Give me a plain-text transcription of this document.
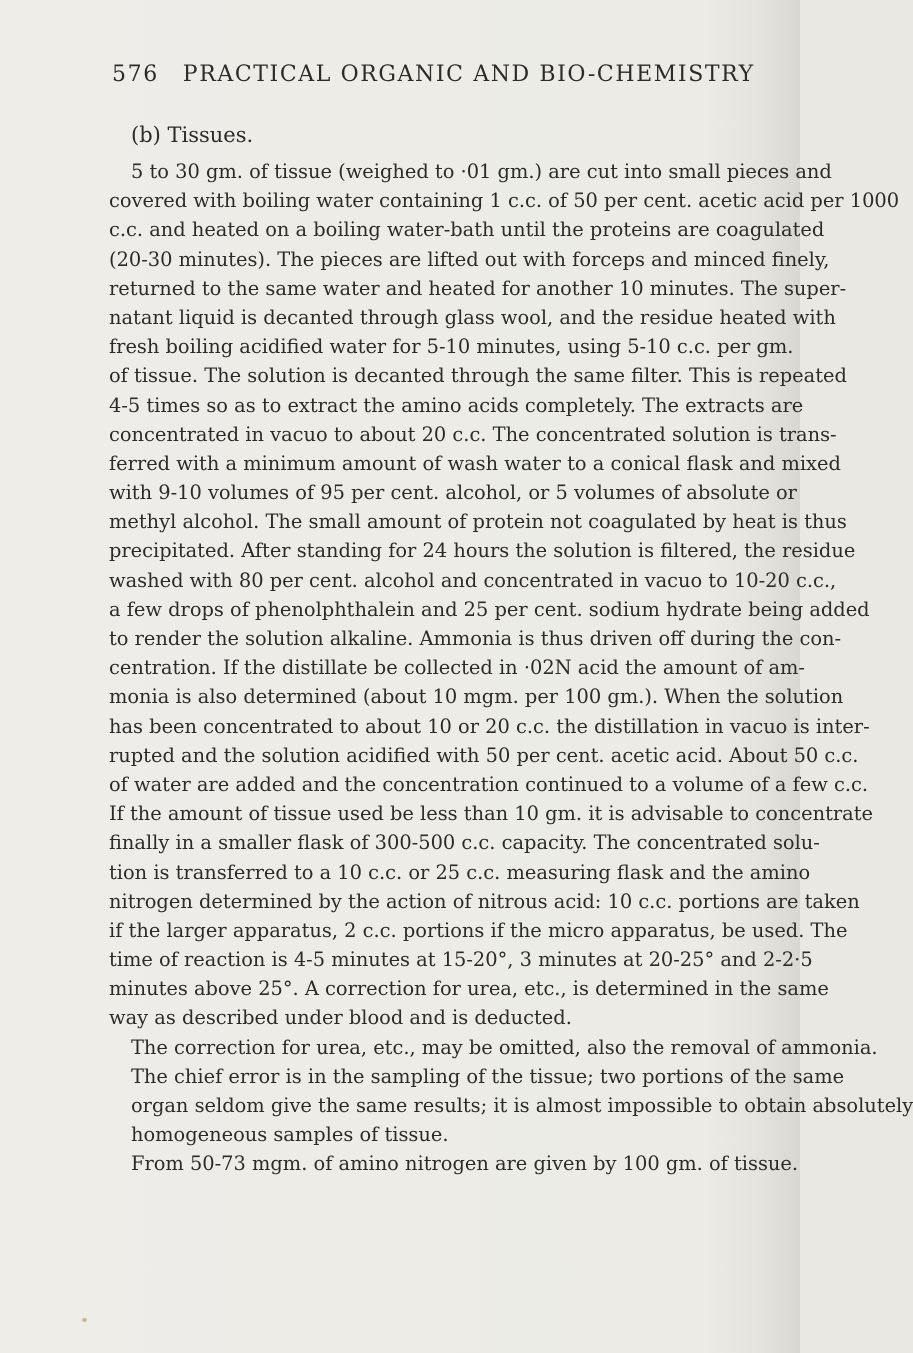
576 PRACTICAL ORGANIC AND BIO-CHEMISTRY
(b) Tissues.
5 to 30 gm. of tissue (weighed to ·01 gm.) are cut into small pieces and
covered with boiling water containing 1 c.c. of 50 per cent. acetic acid per 1000
c.c. and heated on a boiling water-bath until the proteins are coagulated
(20-30 minutes). The pieces are lifted out with forceps and minced finely,
returned to the same water and heated for another 10 minutes. The super-
natant liquid is decanted through glass wool, and the residue heated with
fresh boiling acidified water for 5-10 minutes, using 5-10 c.c. per gm.
of tissue. The solution is decanted through the same filter. This is repeated
4-5 times so as to extract the amino acids completely. The extracts are
concentrated in vacuo to about 20 c.c. The concentrated solution is trans-
ferred with a minimum amount of wash water to a conical flask and mixed
with 9-10 volumes of 95 per cent. alcohol, or 5 volumes of absolute or
methyl alcohol. The small amount of protein not coagulated by heat is thus
precipitated. After standing for 24 hours the solution is filtered, the residue
washed with 80 per cent. alcohol and concentrated in vacuo to 10-20 c.c.,
a few drops of phenolphthalein and 25 per cent. sodium hydrate being added
to render the solution alkaline. Ammonia is thus driven off during the con-
centration. If the distillate be collected in ·02N acid the amount of am-
monia is also determined (about 10 mgm. per 100 gm.). When the solution
has been concentrated to about 10 or 20 c.c. the distillation in vacuo is inter-
rupted and the solution acidified with 50 per cent. acetic acid. About 50 c.c.
of water are added and the concentration continued to a volume of a few c.c.
If the amount of tissue used be less than 10 gm. it is advisable to concentrate
finally in a smaller flask of 300-500 c.c. capacity. The concentrated solu-
tion is transferred to a 10 c.c. or 25 c.c. measuring flask and the amino
nitrogen determined by the action of nitrous acid: 10 c.c. portions are taken
if the larger apparatus, 2 c.c. portions if the micro apparatus, be used. The
time of reaction is 4-5 minutes at 15-20°, 3 minutes at 20-25° and 2-2·5
minutes above 25°. A correction for urea, etc., is determined in the same
way as described under blood and is deducted.
The correction for urea, etc., may be omitted, also the removal of ammonia.
The chief error is in the sampling of the tissue; two portions of the same
organ seldom give the same results; it is almost impossible to obtain absolutely
homogeneous samples of tissue.
From 50-73 mgm. of amino nitrogen are given by 100 gm. of tissue.
